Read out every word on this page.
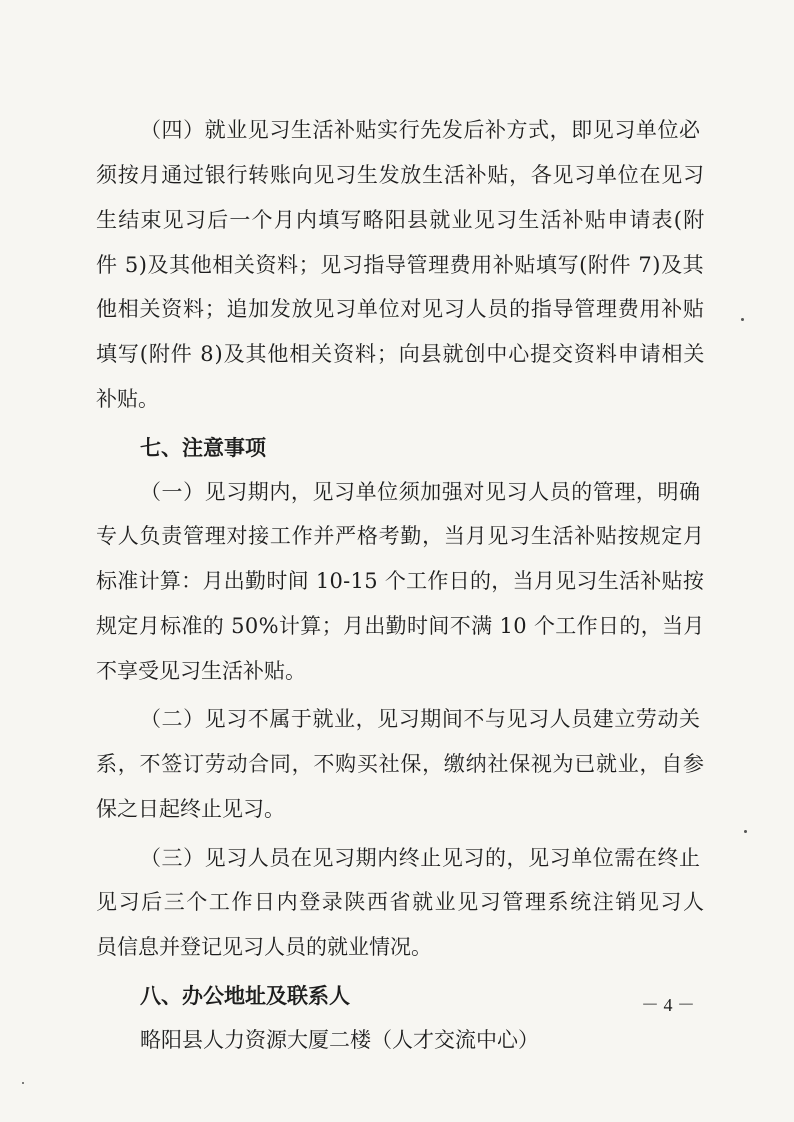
（四）就业见习生活补贴实行先发后补方式，即见习单位必
须按月通过银行转账向见习生发放生活补贴，各见习单位在见习
生结束见习后一个月内填写略阳县就业见习生活补贴申请表(附
件 5)及其他相关资料；见习指导管理费用补贴填写(附件 7)及其
他相关资料；追加发放见习单位对见习人员的指导管理费用补贴
填写(附件 8)及其他相关资料；向县就创中心提交资料申请相关
补贴。
七、注意事项
（一）见习期内，见习单位须加强对见习人员的管理，明确
专人负责管理对接工作并严格考勤，当月见习生活补贴按规定月
标准计算：月出勤时间 10-15 个工作日的，当月见习生活补贴按
规定月标准的 50%计算；月出勤时间不满 10 个工作日的，当月
不享受见习生活补贴。
（二）见习不属于就业，见习期间不与见习人员建立劳动关
系，不签订劳动合同，不购买社保，缴纳社保视为已就业，自参
保之日起终止见习。
（三）见习人员在见习期内终止见习的，见习单位需在终止
见习后三个工作日内登录陕西省就业见习管理系统注销见习人
员信息并登记见习人员的就业情况。
八、办公地址及联系人
略阳县人力资源大厦二楼（人才交流中心）
－ 4 －
